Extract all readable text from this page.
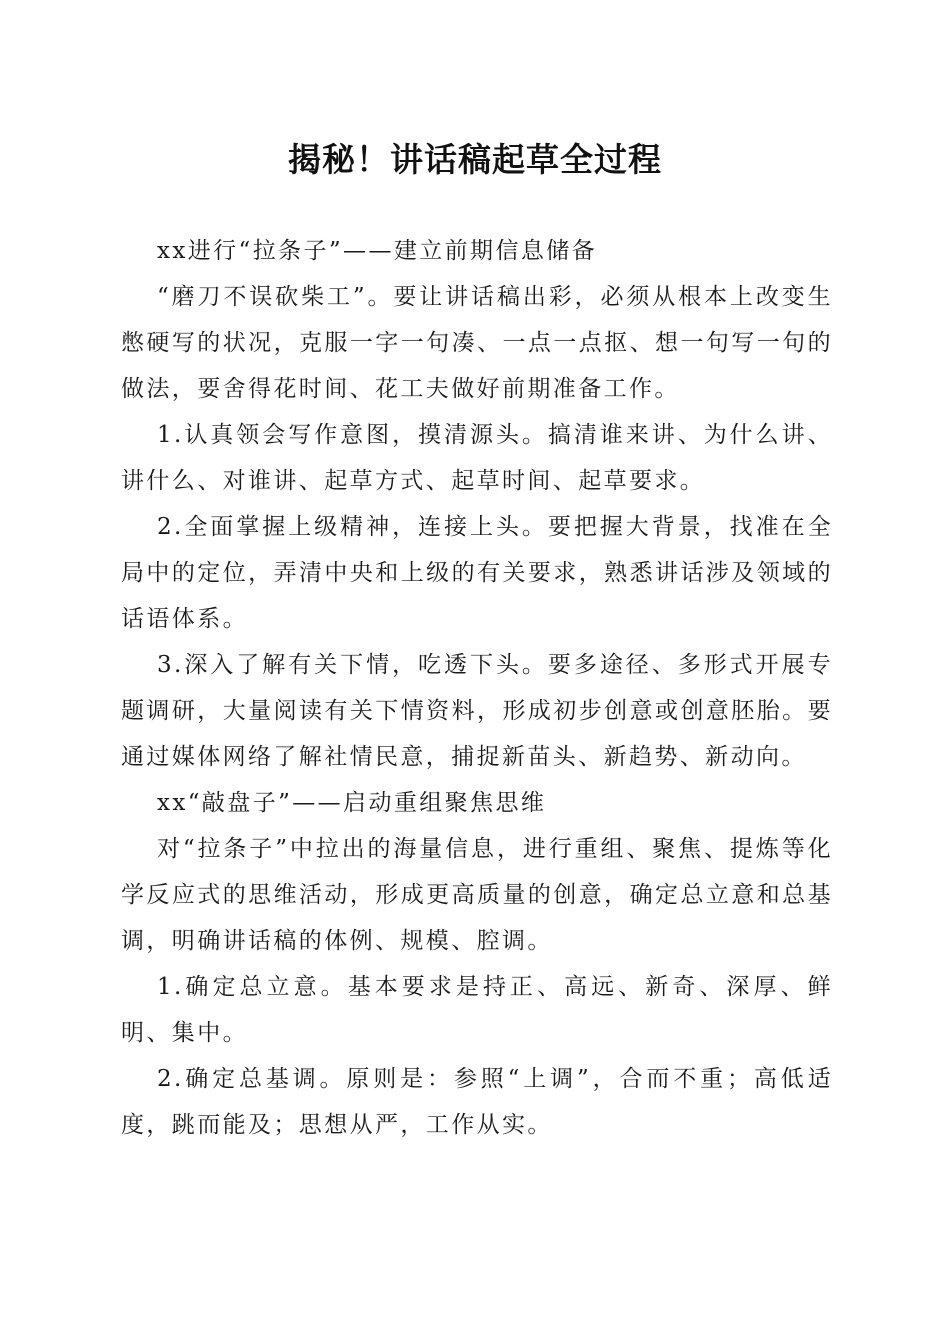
揭秘！讲话稿起草全过程

xx进行“拉条子”——建立前期信息储备

“磨刀不误砍柴工”。要让讲话稿出彩，必须从根本上改变生憋硬写的状况，克服一字一句凑、一点一点抠、想一句写一句的做法，要舍得花时间、花工夫做好前期准备工作。

1.认真领会写作意图，摸清源头。搞清谁来讲、为什么讲、讲什么、对谁讲、起草方式、起草时间、起草要求。

2.全面掌握上级精神，连接上头。要把握大背景，找准在全局中的定位，弄清中央和上级的有关要求，熟悉讲话涉及领域的话语体系。

3.深入了解有关下情，吃透下头。要多途径、多形式开展专题调研，大量阅读有关下情资料，形成初步创意或创意胚胎。要通过媒体网络了解社情民意，捕捉新苗头、新趋势、新动向。

xx“敲盘子”——启动重组聚焦思维

对“拉条子”中拉出的海量信息，进行重组、聚焦、提炼等化学反应式的思维活动，形成更高质量的创意，确定总立意和总基调，明确讲话稿的体例、规模、腔调。

1.确定总立意。基本要求是持正、高远、新奇、深厚、鲜明、集中。

2.确定总基调。原则是：参照“上调”，合而不重；高低适度，跳而能及；思想从严，工作从实。
